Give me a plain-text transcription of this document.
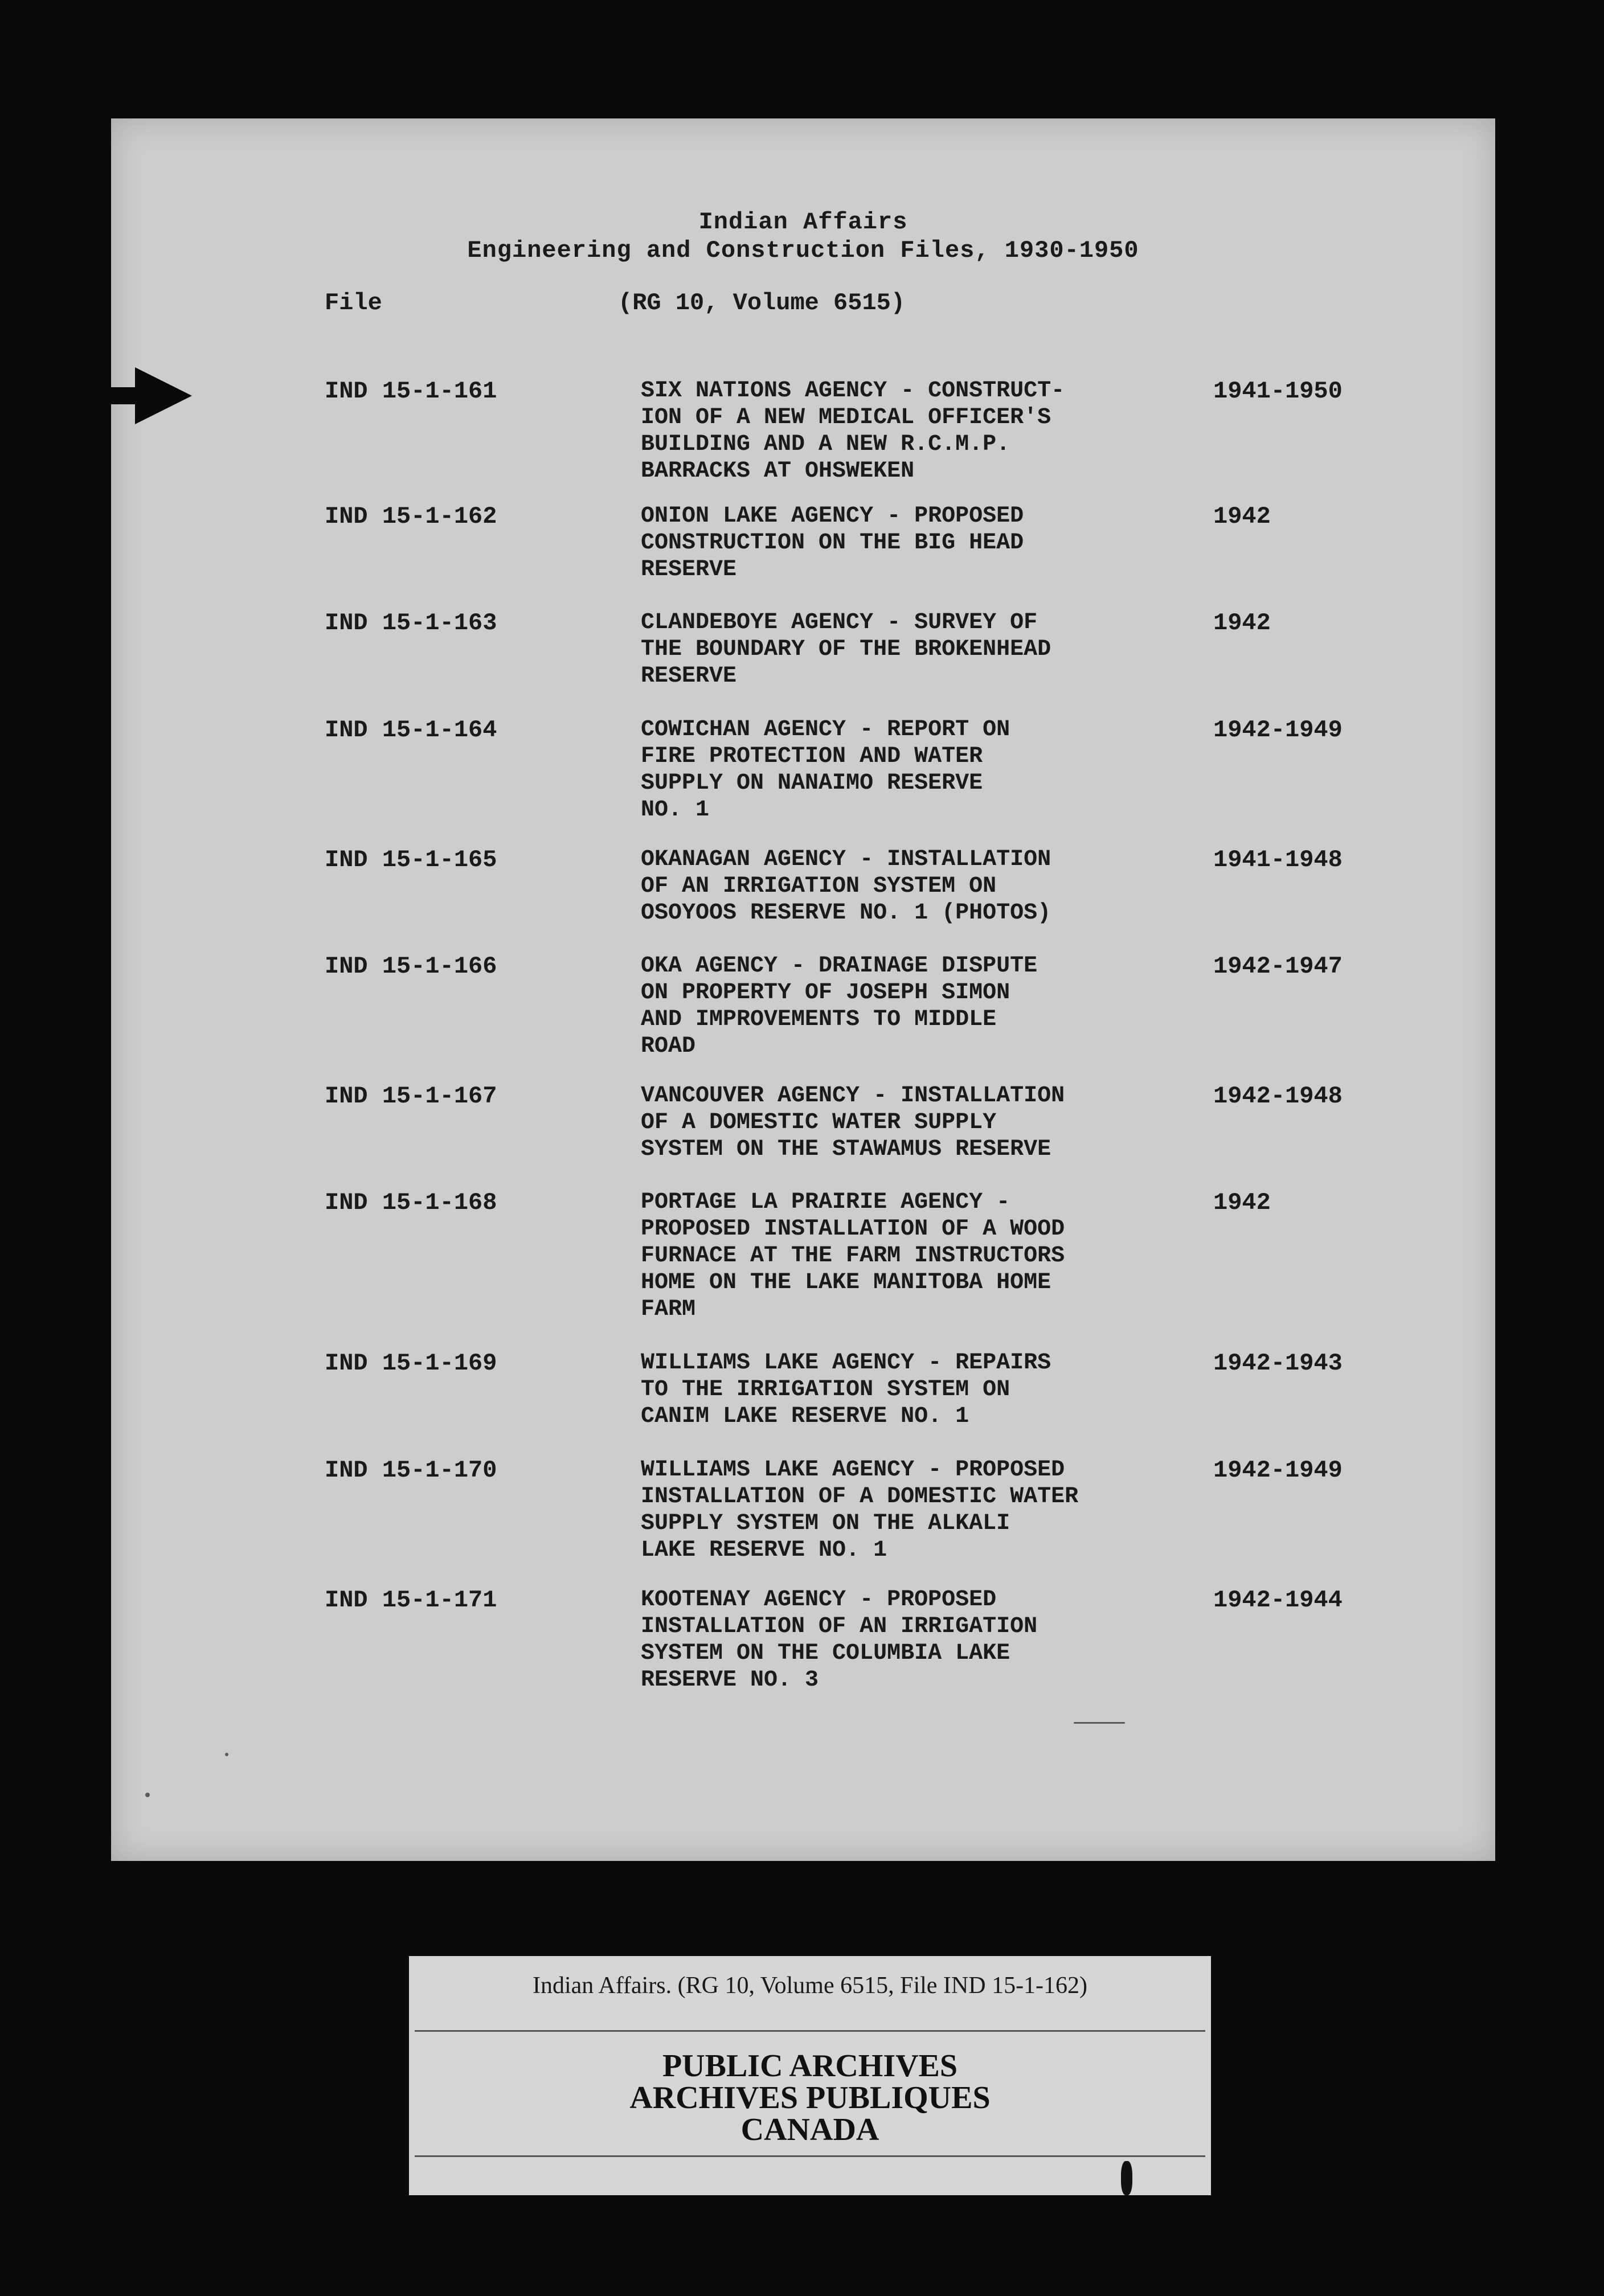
Indian Affairs
Engineering and Construction Files, 1930-1950
File	(RG 10, Volume 6515)
IND 15-1-161	SIX NATIONS AGENCY - CONSTRUCT-
ION OF A NEW MEDICAL OFFICER'S
BUILDING AND A NEW R.C.M.P.
BARRACKS AT OHSWEKEN
1941-1950
IND 15-1-162	ONION LAKE AGENCY - PROPOSED
CONSTRUCTION ON THE BIG HEAD
RESERVE
1942
IND 15-1-163	CLANDEBOYE AGENCY - SURVEY OF
THE BOUNDARY OF THE BROKENHEAD
RESERVE
1942
IND 15-1-164	COWICHAN AGENCY - REPORT ON
FIRE PROTECTION AND WATER
SUPPLY ON NANAIMO RESERVE
NO. 1
1942-1949
IND 15-1-165	OKANAGAN AGENCY - INSTALLATION
OF AN IRRIGATION SYSTEM ON
OSOYOOS RESERVE NO. 1 (PHOTOS)
1941-1948
IND 15-1-166	OKA AGENCY - DRAINAGE DISPUTE
ON PROPERTY OF JOSEPH SIMON
AND IMPROVEMENTS TO MIDDLE
ROAD
1942-1947
IND 15-1-167	VANCOUVER AGENCY - INSTALLATION
OF A DOMESTIC WATER SUPPLY
SYSTEM ON THE STAWAMUS RESERVE
1942-1948
IND 15-1-168	PORTAGE LA PRAIRIE AGENCY -
PROPOSED INSTALLATION OF A WOOD
FURNACE AT THE FARM INSTRUCTORS
HOME ON THE LAKE MANITOBA HOME
FARM
1942
IND 15-1-169	WILLIAMS LAKE AGENCY - REPAIRS
TO THE IRRIGATION SYSTEM ON
CANIM LAKE RESERVE NO. 1
1942-1943
IND 15-1-170	WILLIAMS LAKE AGENCY - PROPOSED
INSTALLATION OF A DOMESTIC WATER
SUPPLY SYSTEM ON THE ALKALI
LAKE RESERVE NO. 1
1942-1949
IND 15-1-171	KOOTENAY AGENCY - PROPOSED
INSTALLATION OF AN IRRIGATION
SYSTEM ON THE COLUMBIA LAKE
RESERVE NO. 3
1942-1944
Indian Affairs. (RG 10, Volume 6515, File IND 15-1-162)
PUBLIC ARCHIVES
ARCHIVES PUBLIQUES
CANADA
